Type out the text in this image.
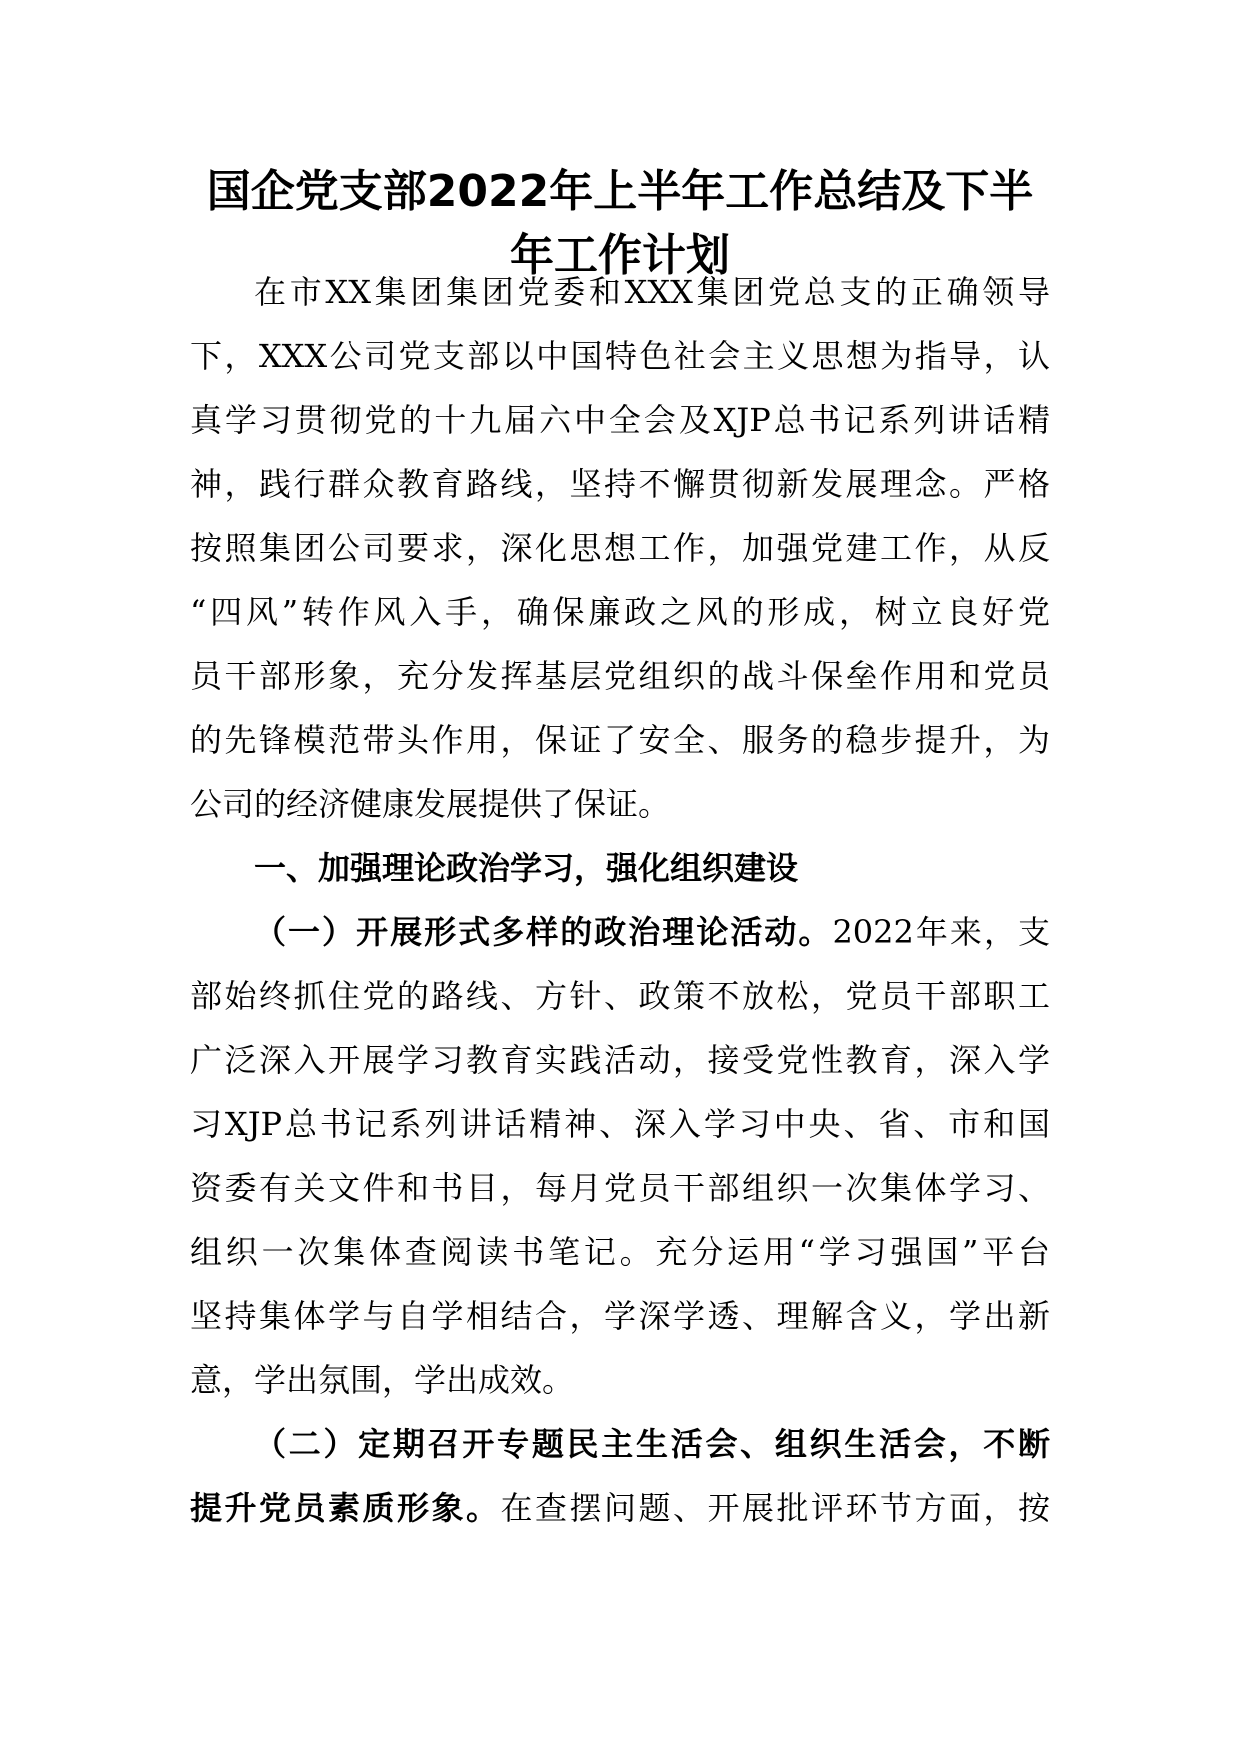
国企党支部2022年上半年工作总结及下半
年工作计划
在市XX集团集团党委和XXX集团党总支的正确领导
下，XXX公司党支部以中国特色社会主义思想为指导，认
真学习贯彻党的十九届六中全会及XJP总书记系列讲话精
神，践行群众教育路线，坚持不懈贯彻新发展理念。严格
按照集团公司要求，深化思想工作，加强党建工作，从反
“四风”转作风入手，确保廉政之风的形成，树立良好党
员干部形象，充分发挥基层党组织的战斗保垒作用和党员
的先锋模范带头作用，保证了安全、服务的稳步提升，为
公司的经济健康发展提供了保证。
一、加强理论政治学习，强化组织建设
（一）开展形式多样的政治理论活动。2022年来，支
部始终抓住党的路线、方针、政策不放松，党员干部职工
广泛深入开展学习教育实践活动，接受党性教育，深入学
习XJP总书记系列讲话精神、深入学习中央、省、市和国
资委有关文件和书目，每月党员干部组织一次集体学习、
组织一次集体查阅读书笔记。充分运用“学习强国”平台
坚持集体学与自学相结合，学深学透、理解含义，学出新
意，学出氛围，学出成效。
（二）定期召开专题民主生活会、组织生活会，不断
提升党员素质形象。在查摆问题、开展批评环节方面，按
